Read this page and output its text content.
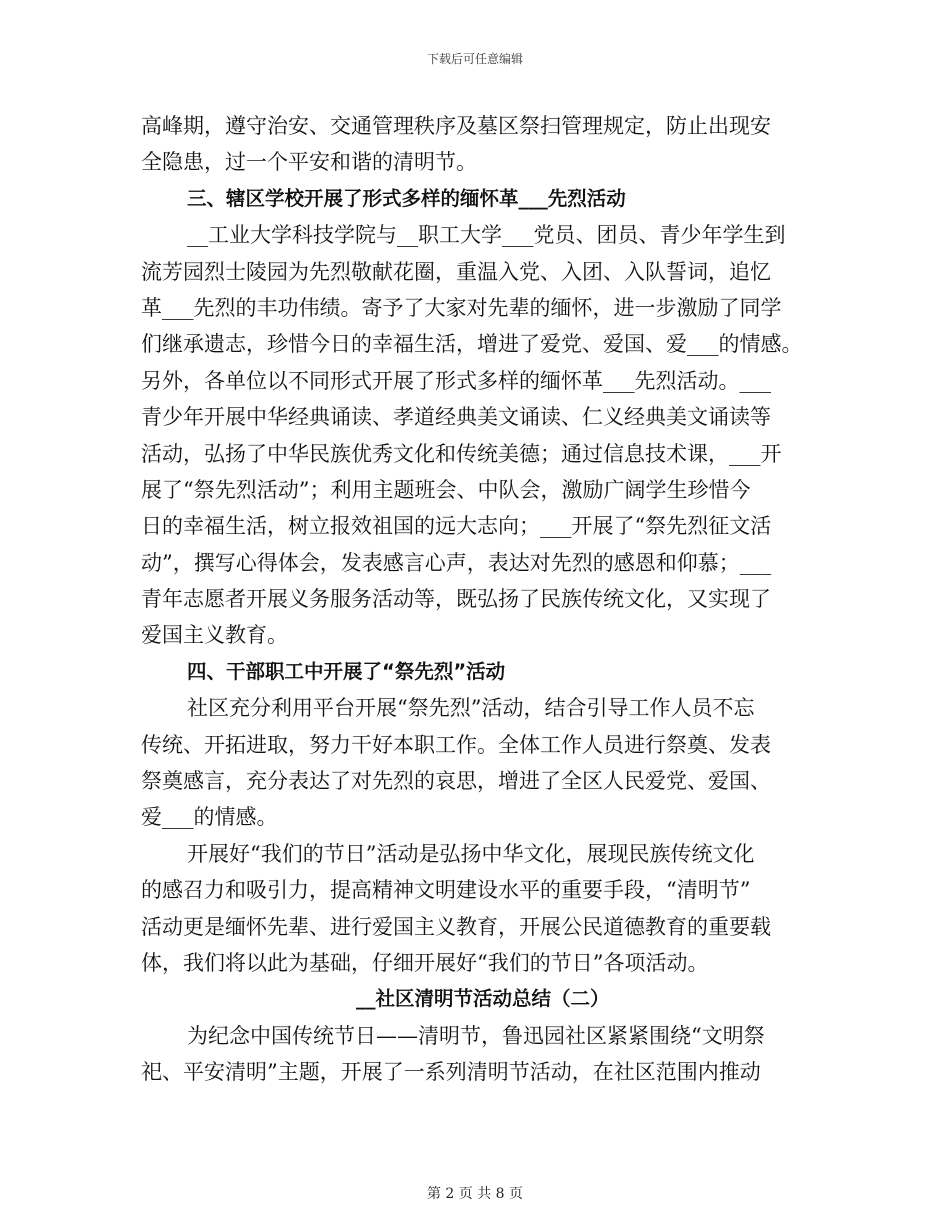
下载后可任意编辑
高峰期，遵守治安、交通管理秩序及墓区祭扫管理规定，防止出现安
全隐患，过一个平安和谐的清明节。
三、辖区学校开展了形式多样的缅怀革___先烈活动
__工业大学科技学院与__职工大学___党员、团员、青少年学生到
流芳园烈士陵园为先烈敬献花圈，重温入党、入团、入队誓词，追忆
革___先烈的丰功伟绩。寄予了大家对先辈的缅怀，进一步激励了同学
们继承遗志，珍惜今日的幸福生活，增进了爱党、爱国、爱___的情感。
另外，各单位以不同形式开展了形式多样的缅怀革___先烈活动。___
青少年开展中华经典诵读、孝道经典美文诵读、仁义经典美文诵读等
活动，弘扬了中华民族优秀文化和传统美德；通过信息技术课，___开
展了“祭先烈活动”；利用主题班会、中队会，激励广阔学生珍惜今
日的幸福生活，树立报效祖国的远大志向；___开展了“祭先烈征文活
动”，撰写心得体会，发表感言心声，表达对先烈的感恩和仰慕；___
青年志愿者开展义务服务活动等，既弘扬了民族传统文化，又实现了
爱国主义教育。
四、干部职工中开展了“祭先烈”活动
社区充分利用平台开展“祭先烈”活动，结合引导工作人员不忘
传统、开拓进取，努力干好本职工作。全体工作人员进行祭奠、发表
祭奠感言，充分表达了对先烈的哀思，增进了全区人民爱党、爱国、
爱___的情感。
开展好“我们的节日”活动是弘扬中华文化，展现民族传统文化
的感召力和吸引力，提高精神文明建设水平的重要手段，“清明节”
活动更是缅怀先辈、进行爱国主义教育，开展公民道德教育的重要载
体，我们将以此为基础，仔细开展好“我们的节日”各项活动。
__社区清明节活动总结（二）
为纪念中国传统节日——清明节，鲁迅园社区紧紧围绕“文明祭
祀、平安清明”主题，开展了一系列清明节活动，在社区范围内推动
第 2 页 共 8 页
